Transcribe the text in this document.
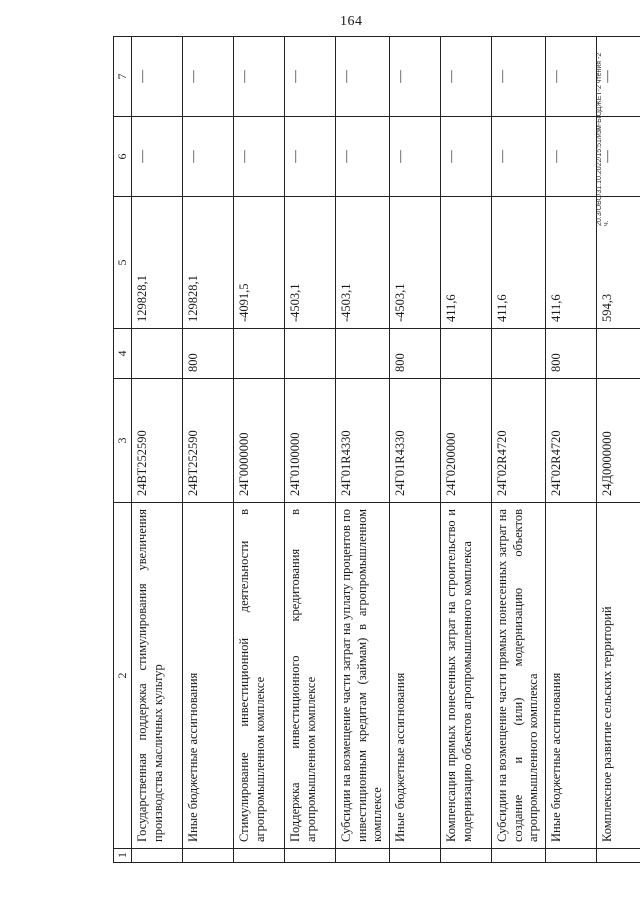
164
1	2	3	4	5	6	7
	Государственная поддержка стимулирования увеличения производства масличных культур	24ВТ252590		129828,1	—	—
	Иные бюджетные ассигнования	24ВТ252590	800	129828,1	—	—
	Стимулирование инвестиционной деятельности в агропромышленном комплексе	24Г0000000		-4091,5	—	—
	Поддержка инвестиционного кредитования в агропромышленном комплексе	24Г0100000		-4503,1	—	—
	Субсидии на возмещение части затрат на уплату процентов по инвестиционным кредитам (займам) в агропромышленном комплексе	24Г01R4330		-4503,1	—	—
	Иные бюджетные ассигнования	24Г01R4330	800	-4503,1	—	—
	Компенсация прямых понесенных затрат на строительство и модернизацию объектов агропромышленного комплекса	24Г0200000		411,6	—	—
	Субсидии на возмещение части прямых понесенных затрат на создание и (или) модернизацию объектов агропромышленного комплекса	24Г02R4720		411,6	—	—
	Иные бюджетные ассигнования	24Г02R4720	800	411,6	—	—
	Комплексное развитие сельских территорий	24Д0000000		594,3	—	—
20.3/ОВС/31.10.2022/15:51/изм-БЮДЖЕТ-2 чтения -2 ч.
